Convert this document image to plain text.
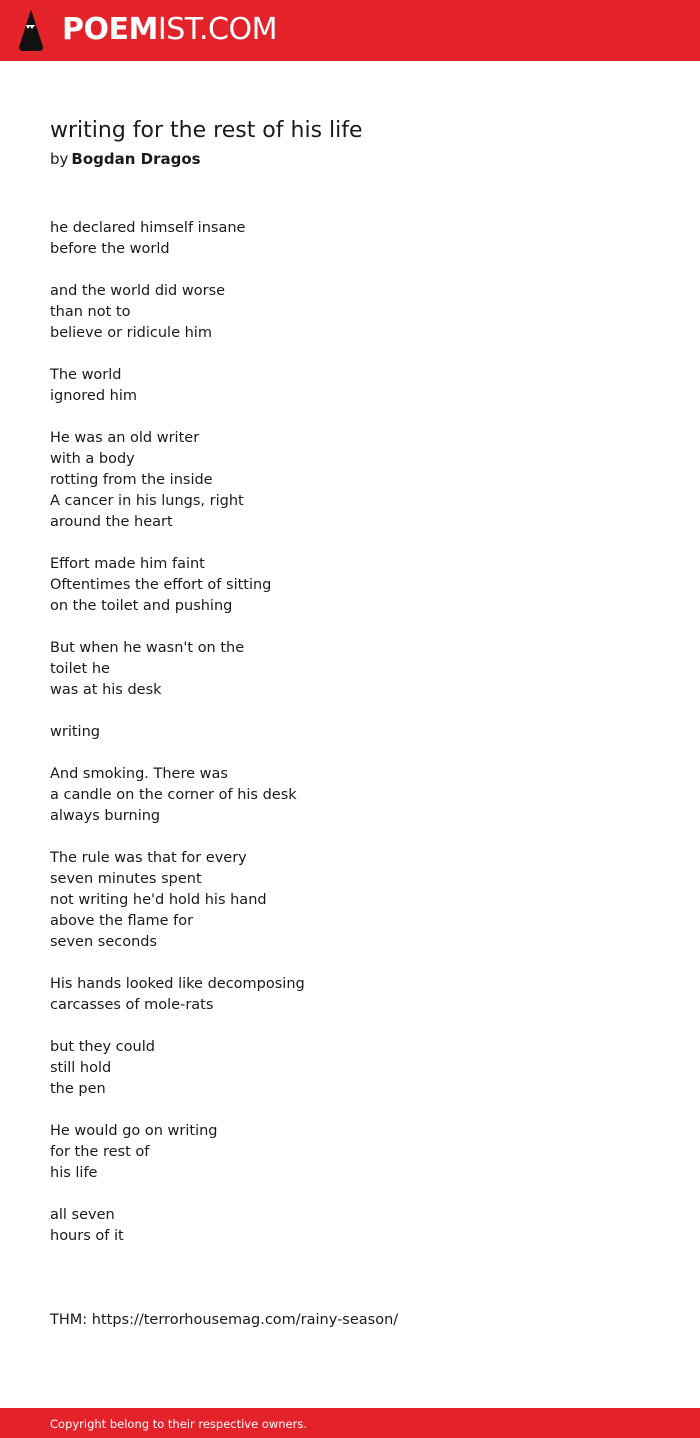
POEMIST.COM
writing for the rest of his life
by Bogdan Dragos
he declared himself insane
before the world
and the world did worse
than not to
believe or ridicule him
The world
ignored him
He was an old writer
with a body
rotting from the inside
A cancer in his lungs, right
around the heart
Effort made him faint
Oftentimes the effort of sitting
on the toilet and pushing
But when he wasn't on the
toilet he
was at his desk
writing
And smoking. There was
a candle on the corner of his desk
always burning
The rule was that for every
seven minutes spent
not writing he'd hold his hand
above the flame for
seven seconds
His hands looked like decomposing
carcasses of mole-rats
but they could
still hold
the pen
He would go on writing
for the rest of
his life
all seven
hours of it
THM: https://terrorhousemag.com/rainy-season/
Copyright belong to their respective owners.
